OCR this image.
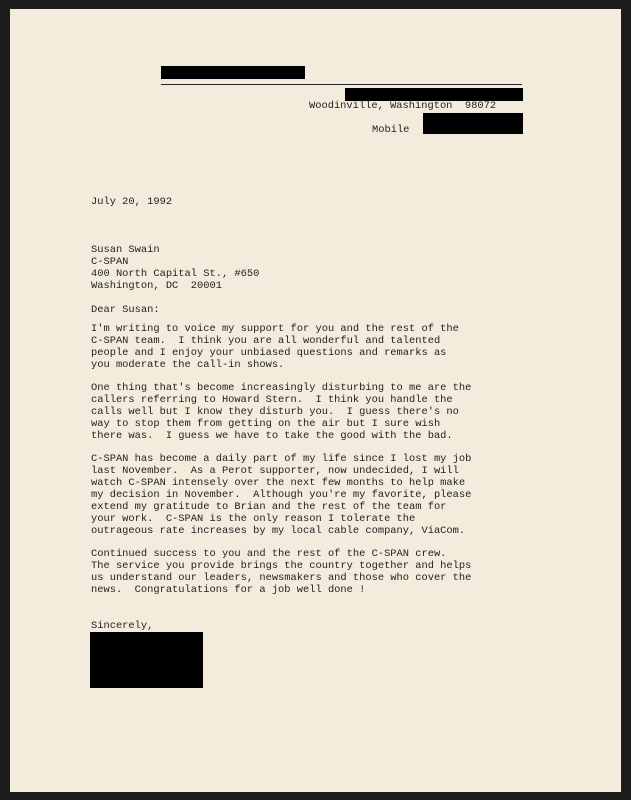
Woodinville, Washington  98072
Mobile
July 20, 1992
Susan Swain
C-SPAN
400 North Capital St., #650
Washington, DC  20001
Dear Susan:
I'm writing to voice my support for you and the rest of the
C-SPAN team.  I think you are all wonderful and talented
people and I enjoy your unbiased questions and remarks as
you moderate the call-in shows.
One thing that's become increasingly disturbing to me are the
callers referring to Howard Stern.  I think you handle the
calls well but I know they disturb you.  I guess there's no
way to stop them from getting on the air but I sure wish
there was.  I guess we have to take the good with the bad.
C-SPAN has become a daily part of my life since I lost my job
last November.  As a Perot supporter, now undecided, I will
watch C-SPAN intensely over the next few months to help make
my decision in November.  Although you're my favorite, please
extend my gratitude to Brian and the rest of the team for
your work.  C-SPAN is the only reason I tolerate the
outrageous rate increases by my local cable company, ViaCom.
Continued success to you and the rest of the C-SPAN crew.
The service you provide brings the country together and helps
us understand our leaders, newsmakers and those who cover the
news.  Congratulations for a job well done !
Sincerely,
